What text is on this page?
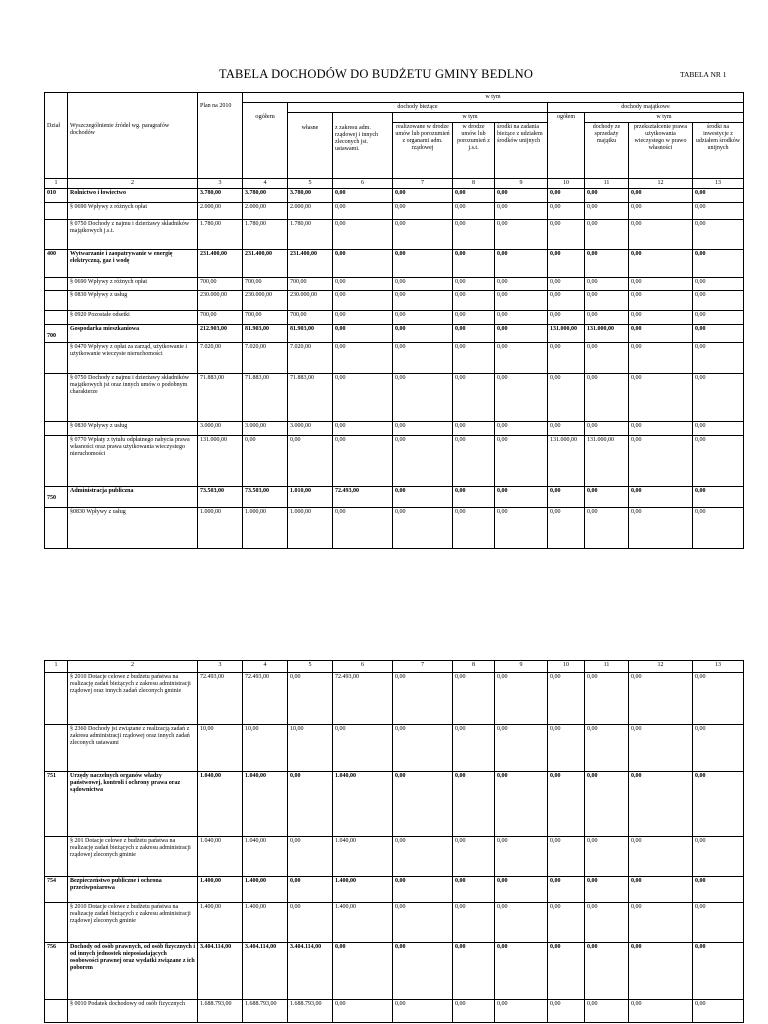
TABELA DOCHODÓW DO BUDŻETU GMINY BEDLNO	TABELA NR 1
Dział	Wyszczególnienie źródeł wg. paragrafów dochodów	Plan na 2010	w tym									
			ogółem	dochody bieżące					dochody majątkowe			
				własne	z zakresu adm. rządowej i innych zleconych jst. ustawami.	w tym			ogółem	w tym		
						realizowane w drodze umów lub porozumień z organami adm. rządowej	w drodze umów lub porozumień z j.s.t.	środki na zadania bieżące z udziałem środków unijnych		dochody ze sprzedaży majątku	przekształcenie prawa użytkowania wieczystego w prawo własności	środki na inwestycje z udziałem środków unijnych
1	2	3	4	5	6	7	8	9	10	11	12	13
010	Rolnictwo i łowiectwo	3.780,00	3.780,00	3.780,00	0,00	0,00	0,00	0,00	0,00	0,00	0,00	0,00
	§ 0690 Wpływy z różnych opłat	2.000,00	2.000,00	2.000,00	0,00	0,00	0,00	0,00	0,00	0,00	0,00	0,00
	§ 0750 Dochody z najmu i dzierżawy składników majątkowych j.s.t.	1.780,00	1.780,00	1.780,00	0,00	0,00	0,00	0,00	0,00	0,00	0,00	0,00
400	Wytwarzanie i zaopatrywanie w energię elektryczną, gaz i wodę	231.400,00	231.400,00	231.400,00	0,00	0,00	0,00	0,00	0,00	0,00	0,00	0,00
	§ 0690 Wpływy z różnych opłat	700,00	700,00	700,00	0,00	0,00	0,00	0,00	0,00	0,00	0,00	0,00
	§ 0830 Wpływy z usług	230.000,00	230.000,00	230.000,00	0,00	0,00	0,00	0,00	0,00	0,00	0,00	0,00
	§ 0920 Pozostałe odsetki	700,00	700,00	700,00	0,00	0,00	0,00	0,00	0,00	0,00	0,00	0,00
700	Gospodarka mieszkaniowa	212.903,00	81.903,00	81.903,00	0,00	0,00	0,00	0,00	131.000,00	131.000,00	0,00	0,00
	§ 0470 Wpływy z opłat za zarząd, użytkowanie i użytkowanie wieczyste nieruchomości	7.020,00	7.020,00	7.020,00	0,00	0,00	0,00	0,00	0,00	0,00	0,00	0,00
	§ 0750 Dochody z najmu i dzierżawy składników majątkowych jst oraz innych umów o podobnym charakterze	71.883,00	71.883,00	71.883,00	0,00	0,00	0,00	0,00	0,00	0,00	0,00	0,00
	§ 0830 Wpływy z usług	3.000,00	3.000,00	3.000,00	0,00	0,00	0,00	0,00	0,00	0,00	0,00	0,00
	§ 0770 Wpłaty z tytułu odpłatnego nabycia prawa własności oraz prawa użytkowania wieczystego nieruchomości	131.000,00	0,00	0,00	0,00	0,00	0,00	0,00	131.000,00	131.000,00	0,00	0,00
750	Administracja publiczna	73.503,00	73.503,00	1.010,00	72.493,00	0,00	0,00	0,00	0,00	0,00	0,00	0,00
	§0830 Wpływy z usług	1.000,00	1.000,00	1.000,00	0,00	0,00	0,00	0,00	0,00	0,00	0,00	0,00
1	2	3	4	5	6	7	8	9	10	11	12	13
	§ 2010 Dotacje celowe z budżetu państwa na realizację zadań bieżących z zakresu administracji rządowej oraz innych zadań zleconych gminie	72.493,00	72.493,00	0,00	72.493,00	0,00	0,00	0,00	0,00	0,00	0,00	0,00
	§ 2360 Dochody jst związane z realizacją zadań z zakresu administracji rządowej oraz innych zadań zleconych ustawami	10,00	10,00	10,00	0,00	0,00	0,00	0,00	0,00	0,00	0,00	0,00
751	Urzędy naczelnych organów władzy państwowej, kontroli i ochrony prawa oraz sądownictwa	1.040,00	1.040,00	0,00	1.040,00	0,00	0,00	0,00	0,00	0,00	0,00	0,00
	§ 201 Dotacje celowe z budżetu państwa na realizację zadań bieżących z zakresu administracji rządowej zleconych gminie	1.040,00	1.040,00	0,00	1.040,00	0,00	0,00	0,00	0,00	0,00	0,00	0,00
754	Bezpieczeństwo publiczne i ochrona przeciwpożarowa	1.400,00	1.400,00	0,00	1.400,00	0,00	0,00	0,00	0,00	0,00	0,00	0,00
	§ 2010 Dotacje celowe z budżetu państwa na realizację zadań bieżących z zakresu administracji rządowej zleconych gminie	1.400,00	1.400,00	0,00	1.400,00	0,00	0,00	0,00	0,00	0,00	0,00	0,00
756	Dochody od osób prawnych, od osób fizycznych i od innych jednostek nieposiadających osobowości prawnej oraz wydatki związane z ich poborem	3.404.114,00	3.404.114,00	3.404.114,00	0,00	0,00	0,00	0,00	0,00	0,00	0,00	0,00
	§ 0010 Podatek dochodowy od osób fizycznych	1.688.793,00	1.688.793,00	1.688.793,00	0,00	0,00	0,00	0,00	0,00	0,00	0,00	0,00
